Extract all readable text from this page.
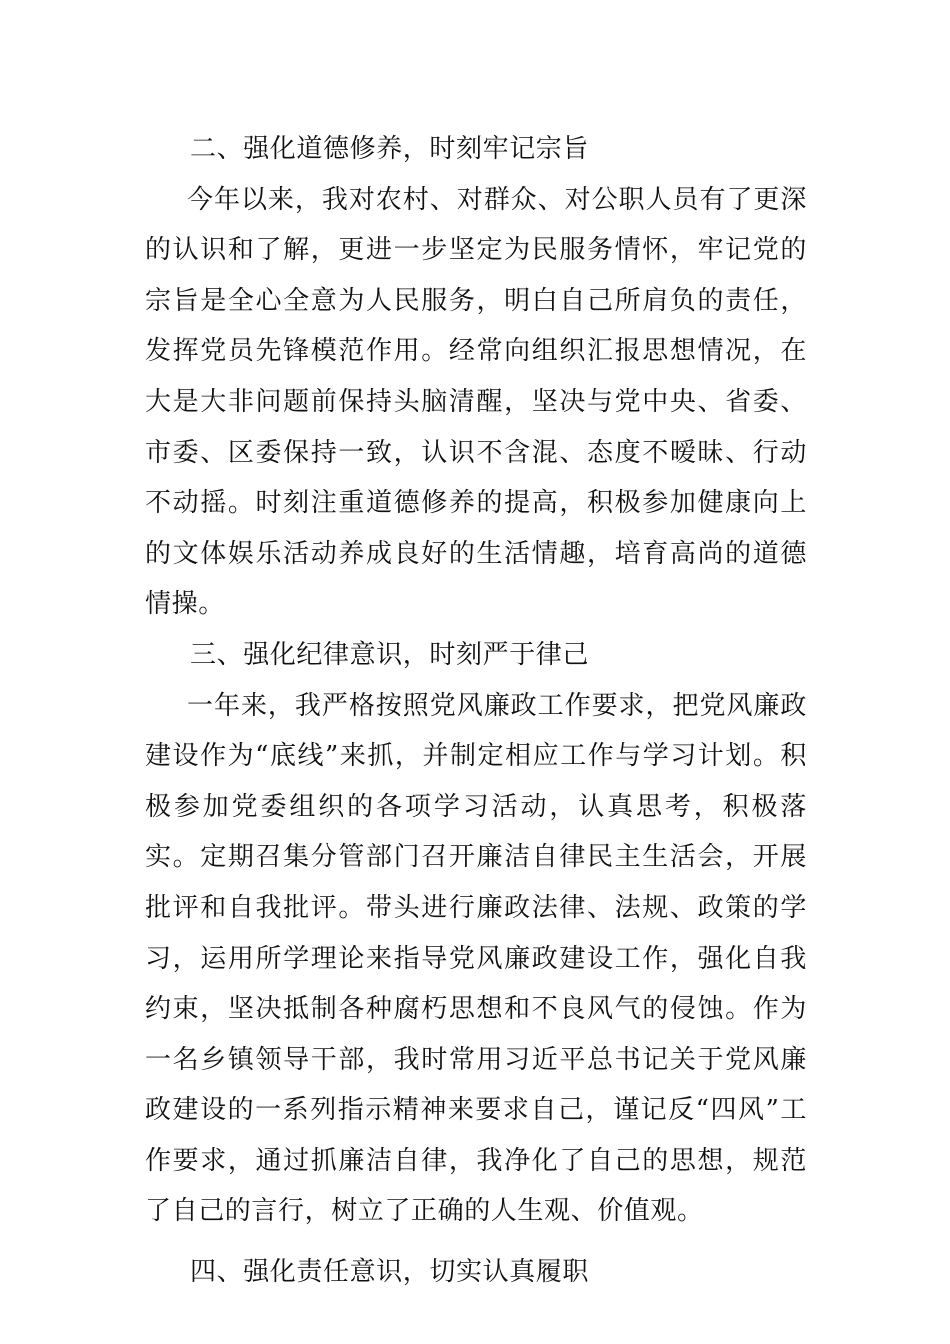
二、强化道德修养，时刻牢记宗旨

今年以来，我对农村、对群众、对公职人员有了更深的认识和了解，更进一步坚定为民服务情怀，牢记党的宗旨是全心全意为人民服务，明白自己所肩负的责任，发挥党员先锋模范作用。经常向组织汇报思想情况，在大是大非问题前保持头脑清醒，坚决与党中央、省委、市委、区委保持一致，认识不含混、态度不暧昧、行动不动摇。时刻注重道德修养的提高，积极参加健康向上的文体娱乐活动养成良好的生活情趣，培育高尚的道德情操。

三、强化纪律意识，时刻严于律己

一年来，我严格按照党风廉政工作要求，把党风廉政建设作为“底线”来抓，并制定相应工作与学习计划。积极参加党委组织的各项学习活动，认真思考，积极落实。定期召集分管部门召开廉洁自律民主生活会，开展批评和自我批评。带头进行廉政法律、法规、政策的学习，运用所学理论来指导党风廉政建设工作，强化自我约束，坚决抵制各种腐朽思想和不良风气的侵蚀。作为一名乡镇领导干部，我时常用习近平总书记关于党风廉政建设的一系列指示精神来要求自己，谨记反“四风”工作要求，通过抓廉洁自律，我净化了自己的思想，规范了自己的言行，树立了正确的人生观、价值观。

四、强化责任意识，切实认真履职
